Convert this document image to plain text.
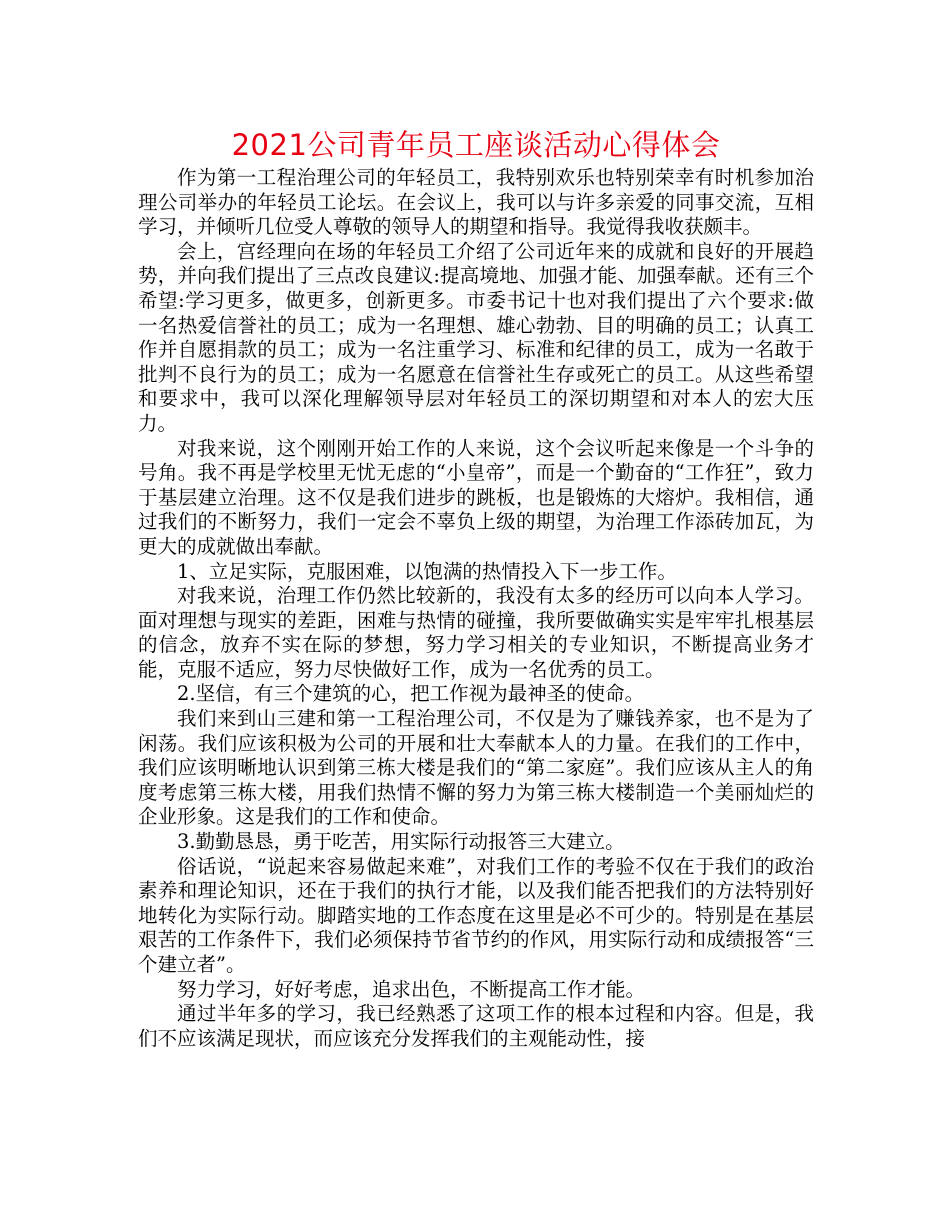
2021公司青年员工座谈活动心得体会

作为第一工程治理公司的年轻员工，我特别欢乐也特别荣幸有时机参加治理公司举办的年轻员工论坛。在会议上，我可以与许多亲爱的同事交流，互相学习，并倾听几位受人尊敬的领导人的期望和指导。我觉得我收获颇丰。

会上，宫经理向在场的年轻员工介绍了公司近年来的成就和良好的开展趋势，并向我们提出了三点改良建议:提高境地、加强才能、加强奉献。还有三个希望:学习更多，做更多，创新更多。市委书记十也对我们提出了六个要求:做一名热爱信誉社的员工；成为一名理想、雄心勃勃、目的明确的员工；认真工作并自愿捐款的员工；成为一名注重学习、标准和纪律的员工，成为一名敢于批判不良行为的员工；成为一名愿意在信誉社生存或死亡的员工。从这些希望和要求中，我可以深化理解领导层对年轻员工的深切期望和对本人的宏大压力。

对我来说，这个刚刚开始工作的人来说，这个会议听起来像是一个斗争的号角。我不再是学校里无忧无虑的“小皇帝”，而是一个勤奋的“工作狂”，致力于基层建立治理。这不仅是我们进步的跳板，也是锻炼的大熔炉。我相信，通过我们的不断努力，我们一定会不辜负上级的期望，为治理工作添砖加瓦，为更大的成就做出奉献。

1、立足实际，克服困难，以饱满的热情投入下一步工作。

对我来说，治理工作仍然比较新的，我没有太多的经历可以向本人学习。面对理想与现实的差距，困难与热情的碰撞，我所要做确实实是牢牢扎根基层的信念，放弃不实在际的梦想，努力学习相关的专业知识，不断提高业务才能，克服不适应，努力尽快做好工作，成为一名优秀的员工。

2.坚信，有三个建筑的心，把工作视为最神圣的使命。

我们来到山三建和第一工程治理公司，不仅是为了赚钱养家，也不是为了闲荡。我们应该积极为公司的开展和壮大奉献本人的力量。在我们的工作中，我们应该明晰地认识到第三栋大楼是我们的“第二家庭”。我们应该从主人的角度考虑第三栋大楼，用我们热情不懈的努力为第三栋大楼制造一个美丽灿烂的企业形象。这是我们的工作和使命。

3.勤勤恳恳，勇于吃苦，用实际行动报答三大建立。

俗话说，“说起来容易做起来难”，对我们工作的考验不仅在于我们的政治素养和理论知识，还在于我们的执行才能，以及我们能否把我们的方法特别好地转化为实际行动。脚踏实地的工作态度在这里是必不可少的。特别是在基层艰苦的工作条件下，我们必须保持节省节约的作风，用实际行动和成绩报答“三个建立者”。

努力学习，好好考虑，追求出色，不断提高工作才能。

通过半年多的学习，我已经熟悉了这项工作的根本过程和内容。但是，我们不应该满足现状，而应该充分发挥我们的主观能动性，接
